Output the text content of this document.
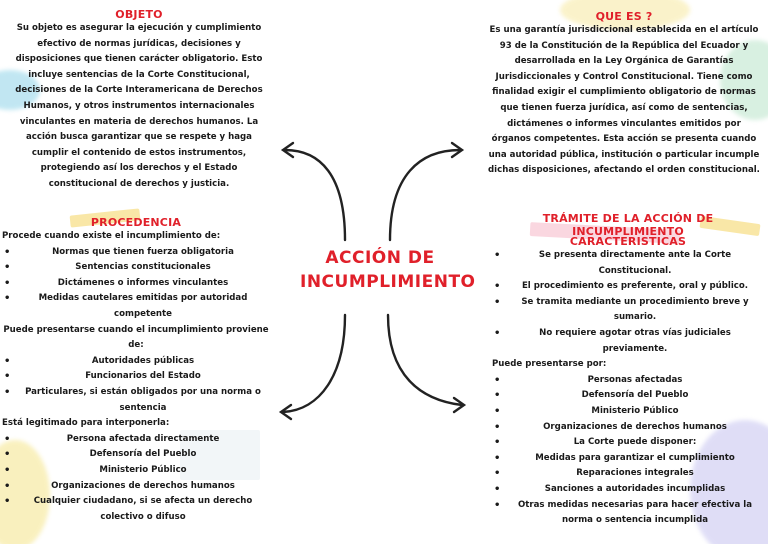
ACCIÓN DE
INCUMPLIMIENTO
OBJETO
Su objeto es asegurar la ejecución y cumplimiento efectivo de normas jurídicas, decisiones y disposiciones que tienen carácter obligatorio. Esto incluye sentencias de la Corte Constitucional, decisiones de la Corte Interamericana de Derechos Humanos, y otros instrumentos internacionales vinculantes en materia de derechos humanos. La acción busca garantizar que se respete y haga cumplir el contenido de estos instrumentos, protegiendo así los derechos y el Estado constitucional de derechos y justicia.
QUE ES ?
Es una garantía jurisdiccional establecida en el artículo 93 de la Constitución de la República del Ecuador y desarrollada en la Ley Orgánica de Garantías Jurisdiccionales y Control Constitucional. Tiene como finalidad exigir el cumplimiento obligatorio de normas que tienen fuerza jurídica, así como de sentencias, dictámenes o informes vinculantes emitidos por órganos competentes. Esta acción se presenta cuando una autoridad pública, institución o particular incumple dichas disposiciones, afectando el orden constitucional.
PROCEDENCIA
Procede cuando existe el incumplimiento de:
• Normas que tienen fuerza obligatoria
• Sentencias constitucionales
• Dictámenes o informes vinculantes
• Medidas cautelares emitidas por autoridad competente
Puede presentarse cuando el incumplimiento proviene de:
• Autoridades públicas
• Funcionarios del Estado
• Particulares, si están obligados por una norma o sentencia
Está legitimado para interponerla:
• Persona afectada directamente
• Defensoría del Pueblo
• Ministerio Público
• Organizaciones de derechos humanos
• Cualquier ciudadano, si se afecta un derecho colectivo o difuso
TRÁMITE DE LA ACCIÓN DE INCUMPLIMIENTO
CARACTERISTICAS
• Se presenta directamente ante la Corte Constitucional.
• El procedimiento es preferente, oral y público.
• Se tramita mediante un procedimiento breve y sumario.
• No requiere agotar otras vías judiciales previamente.
Puede presentarse por:
• Personas afectadas
• Defensoría del Pueblo
• Ministerio Público
• Organizaciones de derechos humanos
• La Corte puede disponer:
• Medidas para garantizar el cumplimiento
• Reparaciones integrales
• Sanciones a autoridades incumplidas
• Otras medidas necesarias para hacer efectiva la norma o sentencia incumplida
